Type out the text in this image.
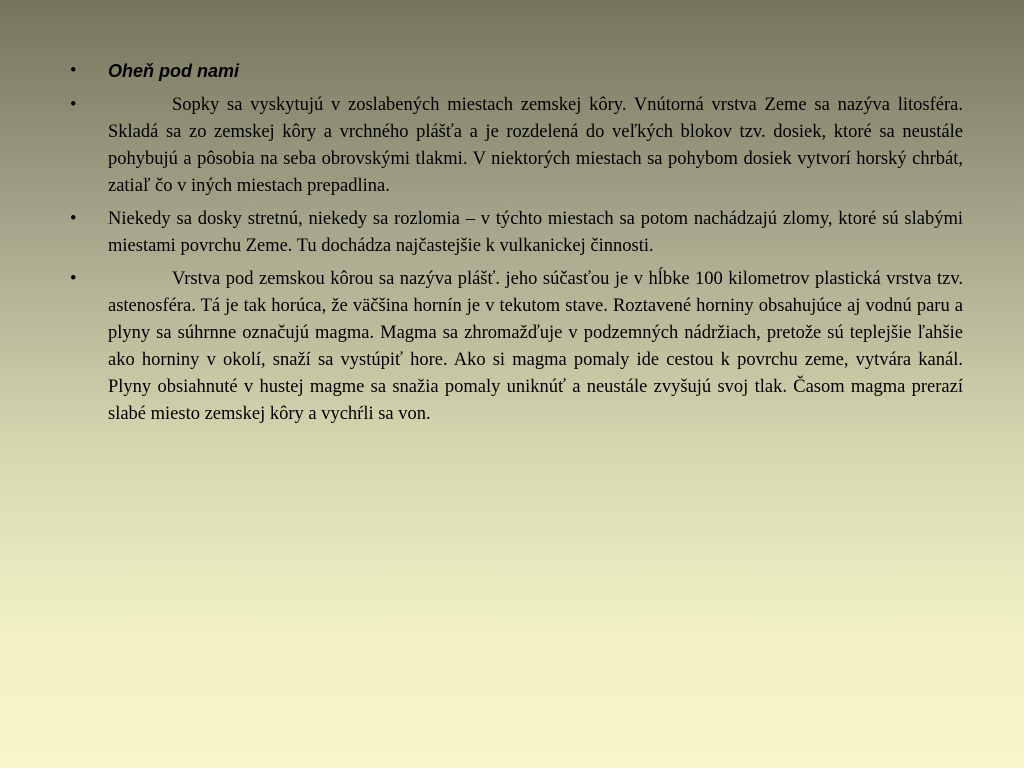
•	Oheň pod nami
•	Sopky sa vyskytujú v zoslabených miestach zemskej kôry. Vnútorná vrstva Zeme sa nazýva litosféra. Skladá sa zo zemskej kôry a vrchného plášťa a je rozdelená do veľkých blokov tzv. dosiek, ktoré sa neustále pohybujú a pôsobia na seba obrovskými tlakmi. V niektorých miestach sa pohybom dosiek vytvorí horský chrbát, zatiaľ čo v iných miestach prepadlina.
•	Niekedy sa dosky stretnú, niekedy sa rozlomia – v týchto miestach sa potom nachádzajú zlomy, ktoré sú slabými miestami povrchu Zeme. Tu dochádza najčastejšie k vulkanickej činnosti.
•	Vrstva pod zemskou kôrou sa nazýva plášť. jeho súčasťou je v hĺbke 100 kilometrov plastická vrstva tzv. astenosféra. Tá je tak horúca, že väčšina hornín je v tekutom stave. Roztavené horniny obsahujúce aj vodnú paru a plyny sa súhrnne označujú magma. Magma sa zhromažďuje v podzemných nádržiach, pretože sú teplejšie ľahšie ako horniny v okolí, snaží sa vystúpiť hore. Ako si magma pomaly ide cestou k povrchu zeme, vytvára kanál. Plyny obsiahnuté v hustej magme sa snažia pomaly uniknúť a neustále zvyšujú svoj tlak. Časom magma prerazí slabé miesto zemskej kôry a vychŕli sa von.
